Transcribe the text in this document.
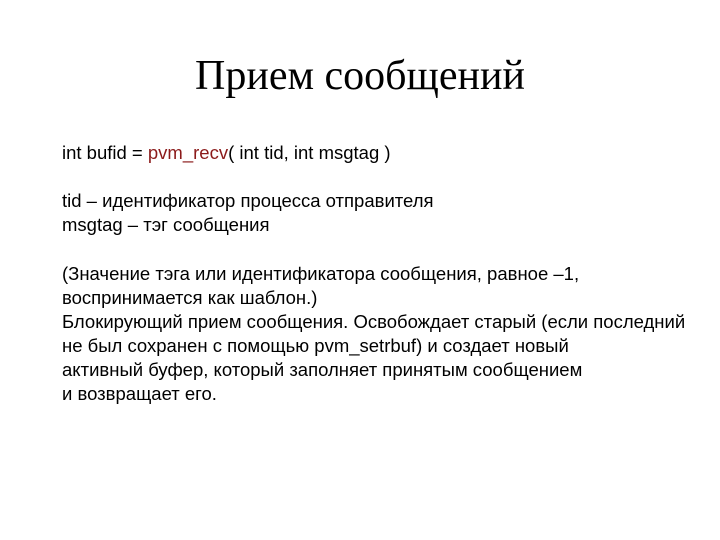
Прием сообщений
int bufid = pvm_recv( int tid, int msgtag )
tid – идентификатор процесса отправителя
msgtag – тэг сообщения
(Значение тэга или идентификатора сообщения, равное –1,
воспринимается как шаблон.)
Блокирующий прием сообщения. Освобождает старый (если последний
не был сохранен с помощью pvm_setrbuf) и создает новый
активный буфер, который заполняет принятым сообщением
и возвращает его.
